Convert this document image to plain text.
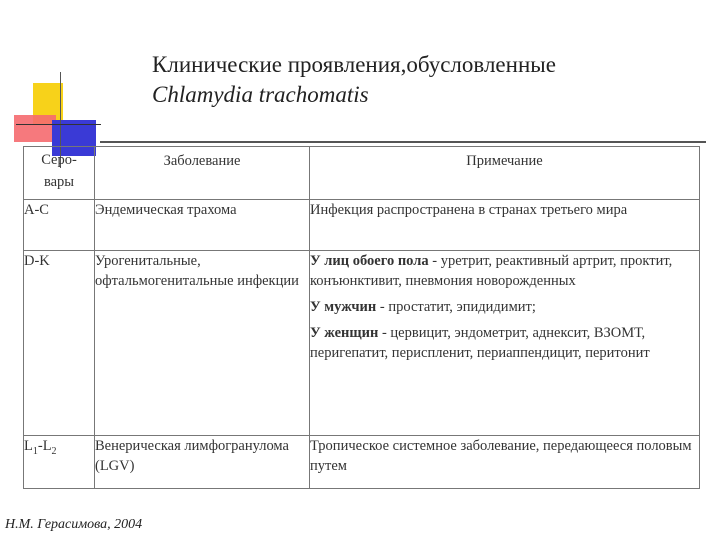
Клинические проявления,обусловленные
Chlamydia trachomatis
Серо-
вары	Заболевание	Примечание
A-C	Эндемическая трахома	Инфекция распространена в странах третьего мира
D-K	Урогенитальные, офтальмогенитальные инфекции	У лиц обоего пола - уретрит, реактивный артрит, проктит, конъюнктивит, пневмония новорожденных
У мужчин - простатит, эпидидимит;
У женщин - цервицит, эндометрит, аднексит, ВЗОМТ, перигепатит, периспленит, периаппендицит, перитонит

$L_1-L_2$	Венерическая лимфогранулома (LGV)	Тропическое системное заболевание, передающееся половым путем
Н.М. Герасимова, 2004
